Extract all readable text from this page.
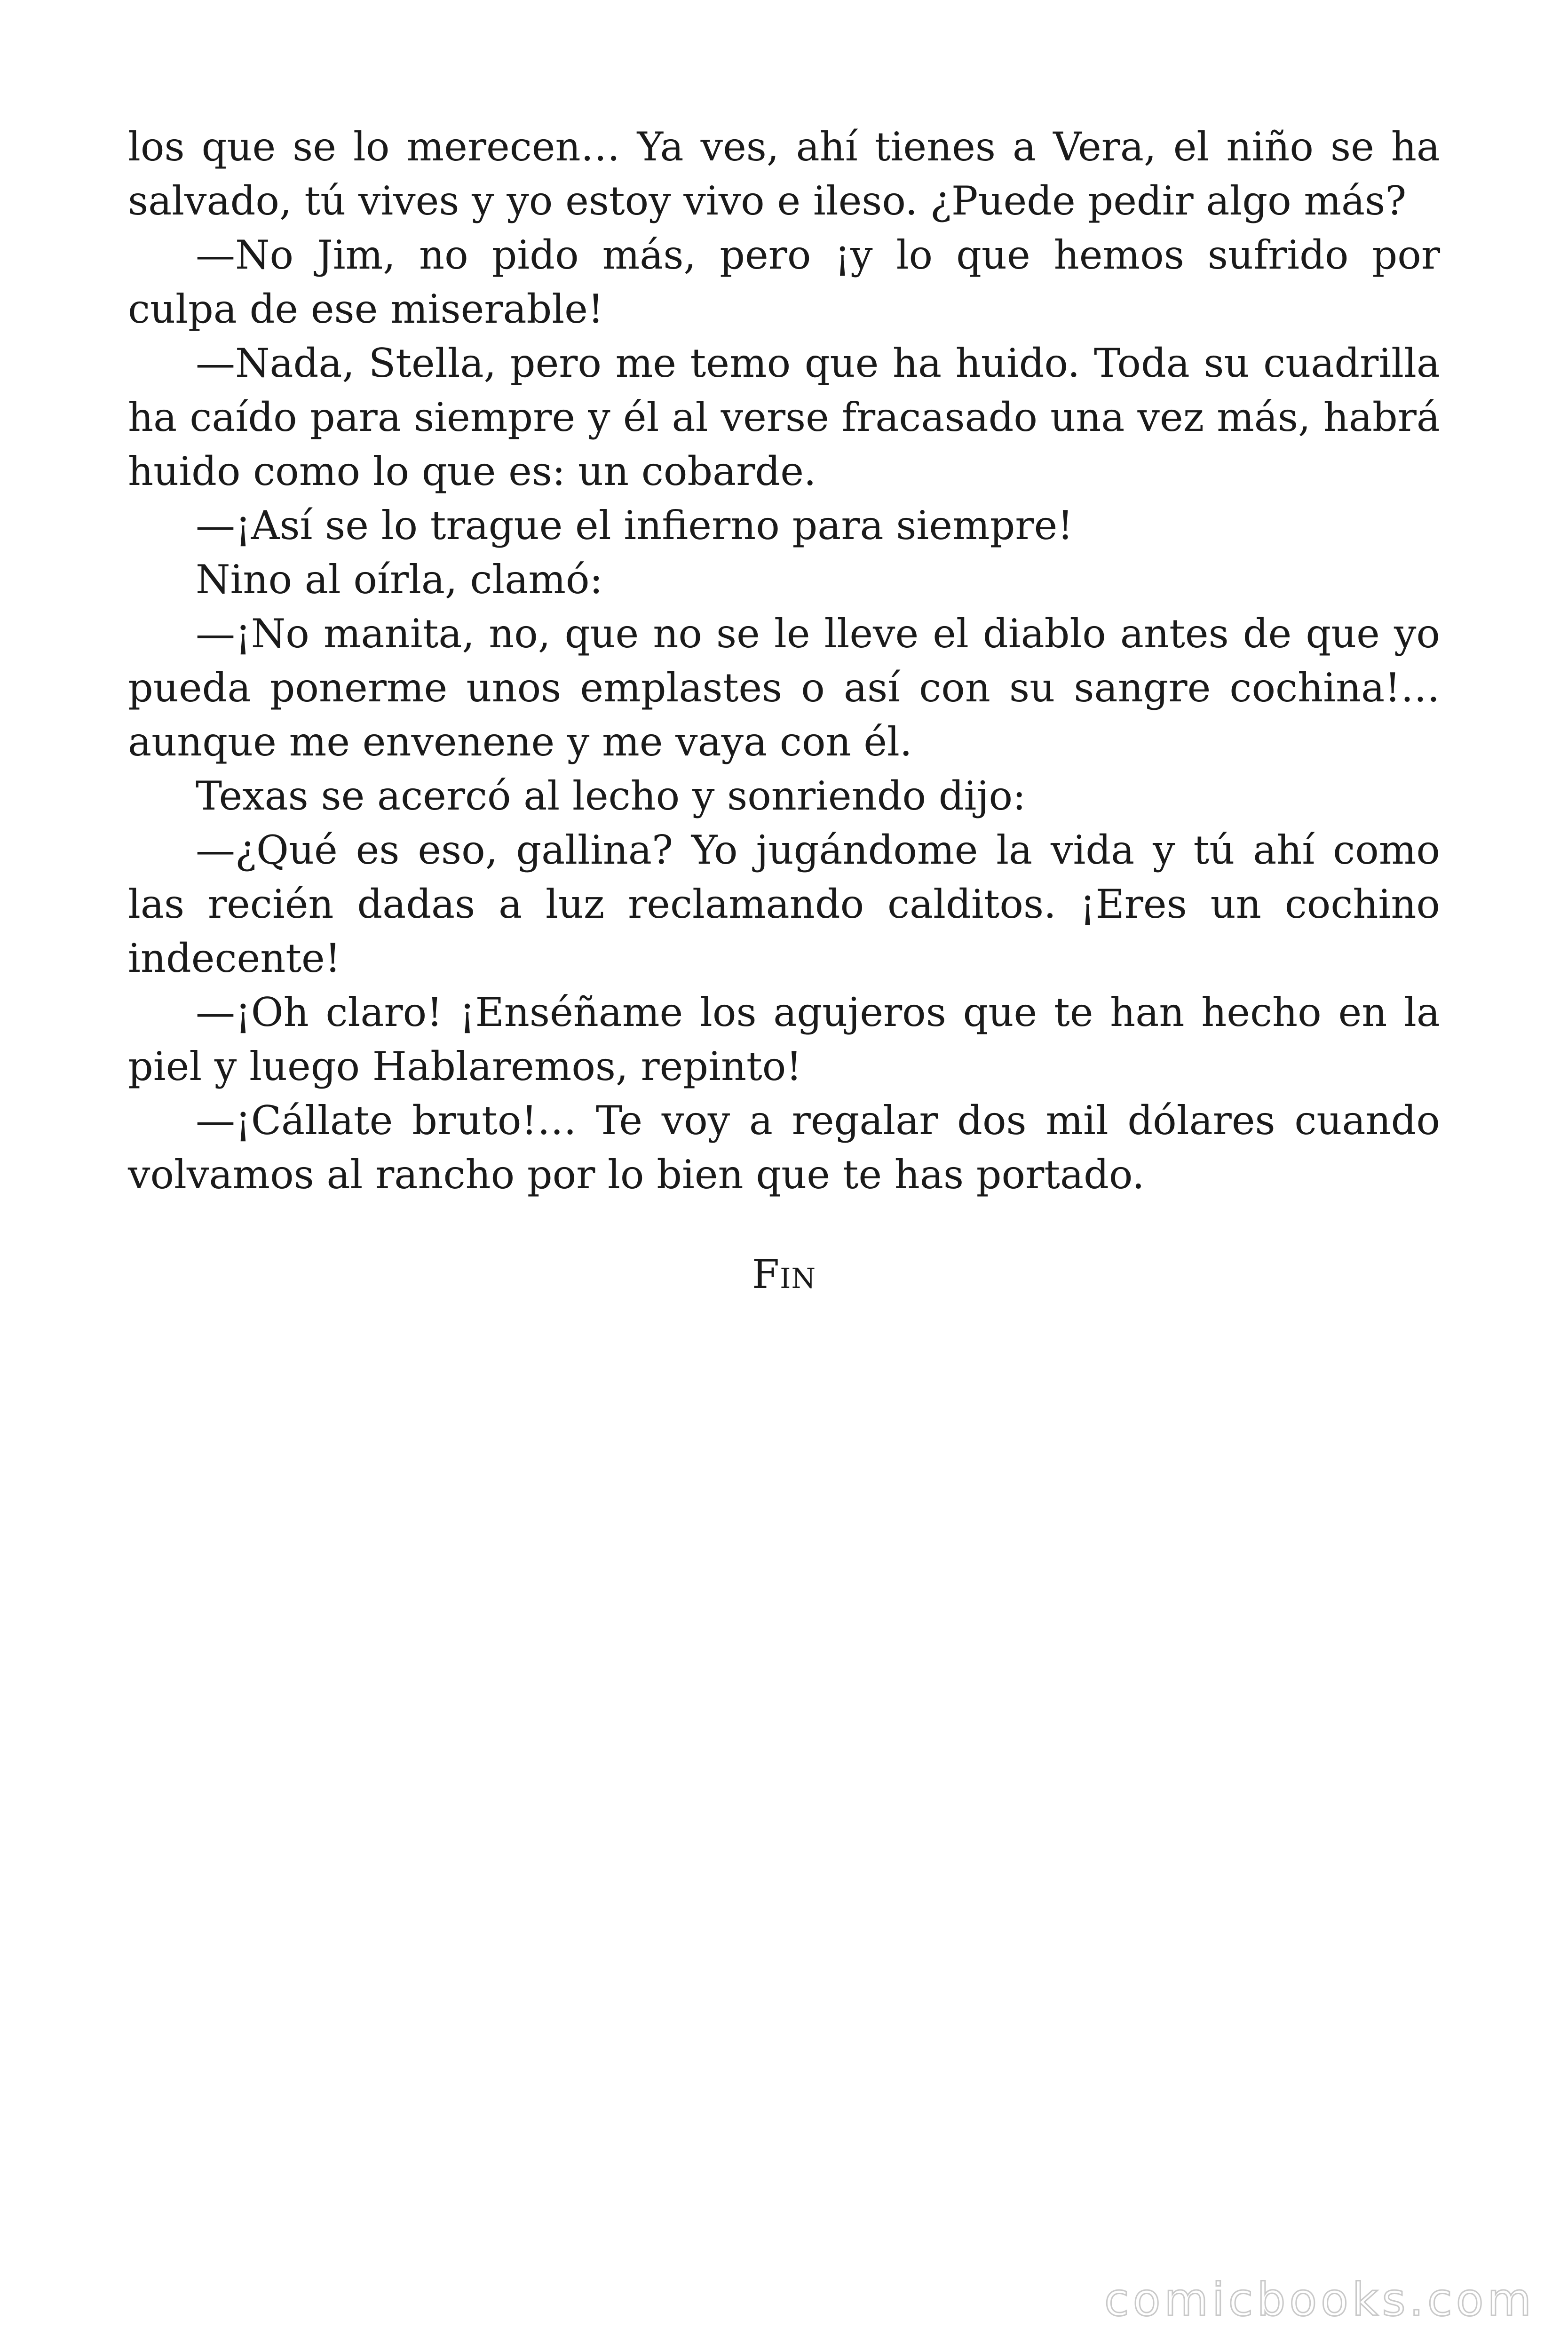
los que se lo merecen… Ya ves, ahí tienes a Vera, el niño se ha salvado, tú vives y yo estoy vivo e ileso. ¿Puede pedir algo más?

—No Jim, no pido más, pero ¡y lo que hemos sufrido por culpa de ese miserable!

—Nada, Stella, pero me temo que ha huido. Toda su cuadrilla ha caído para siempre y él al verse fracasado una vez más, habrá huido como lo que es: un cobarde.

—¡Así se lo trague el infierno para siempre!

Nino al oírla, clamó:

—¡No manita, no, que no se le lleve el diablo antes de que yo pueda ponerme unos emplastes o así con su sangre cochina!… aunque me envenene y me vaya con él.

Texas se acercó al lecho y sonriendo dijo:

—¿Qué es eso, gallina? Yo jugándome la vida y tú ahí como las recién dadas a luz reclamando calditos. ¡Eres un cochino indecente!

—¡Oh claro! ¡Enséñame los agujeros que te han hecho en la piel y luego Hablaremos, repinto!

—¡Cállate bruto!… Te voy a regalar dos mil dólares cuando volvamos al rancho por lo bien que te has portado.

Fin
comicbooks.com
